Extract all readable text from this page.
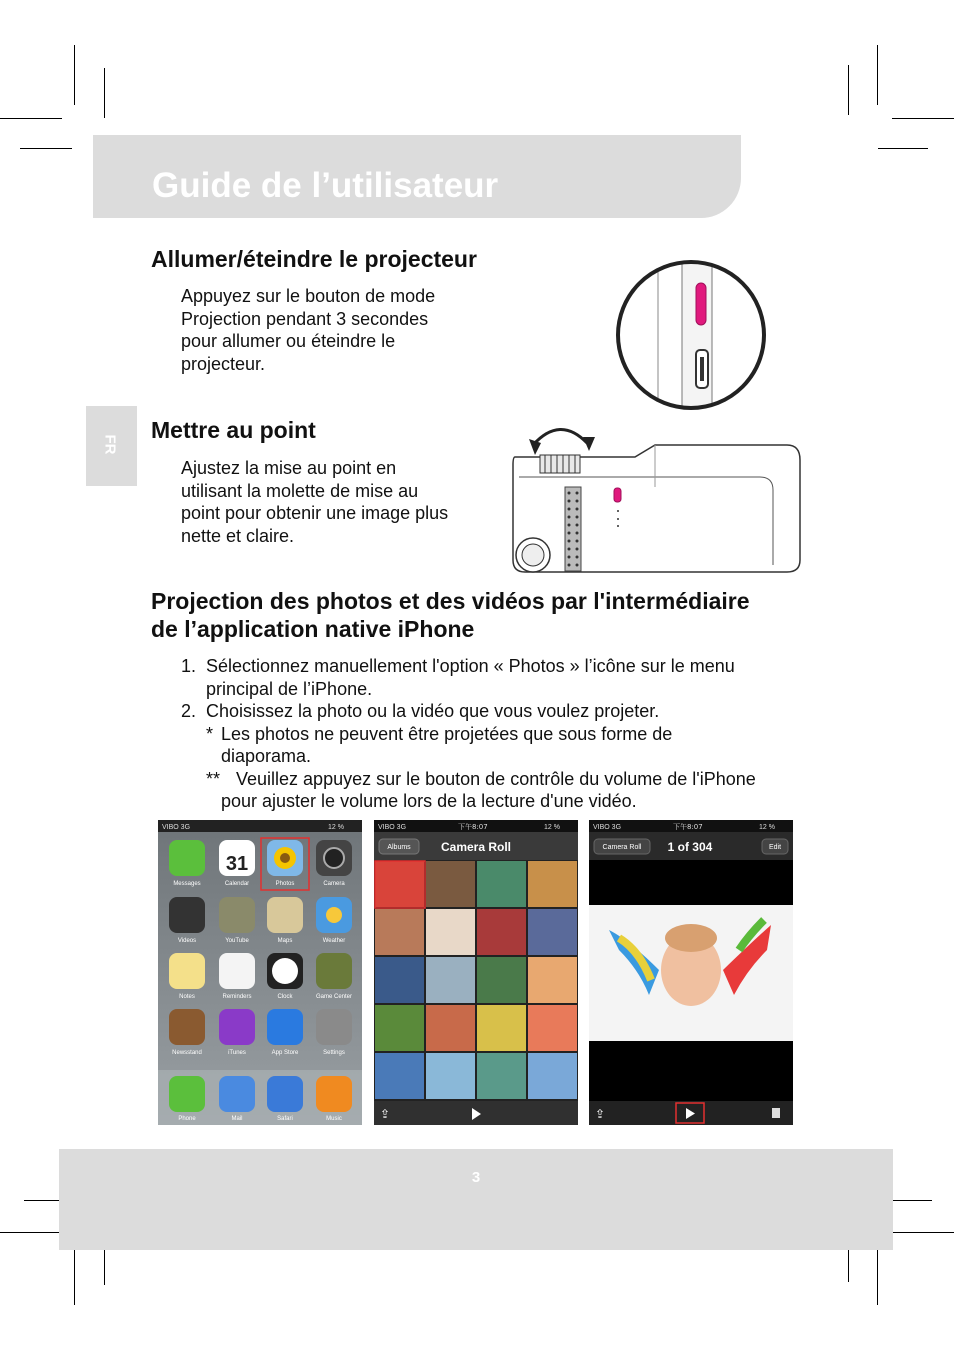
Guide de l’utilisateur
FR
Allumer/éteindre le projecteur
Appuyez sur le bouton de mode
Projection pendant 3 secondes
pour allumer ou éteindre le
projecteur.
Mettre au point
Ajustez la mise au point en
utilisant la molette de mise au
point pour obtenir une image plus
nette et claire.
Projection des photos et des vidéos par l'intermédiaire
de l’application native iPhone
1. Sélectionnez manuellement l'option « Photos » l’icône sur le menu
principal de l’iPhone.
2. Choisissez la photo ou la vidéo que vous voulez projeter.
* Les photos ne peuvent être projetées que sous forme de
diaporama.
** Veuillez appuyez sur le bouton de contrôle du volume de l'iPhone
pour ajuster le volume lors de la lecture d'une vidéo.
VIBO 3G	12 %
31
Messages	Calendar	Photos	Camera
Videos	YouTube	Maps	Weather
Notes	Reminders	Clock	Game Center
Newsstand	iTunes	App Store	Settings
Phone	Mail	Safari	Music
VIBO 3G	下午8:07	12 %
Albums	Camera Roll
⇪
VIBO 3G	下午8:07	12 %
Camera Roll 1 of 304	Edit
⇪
3
